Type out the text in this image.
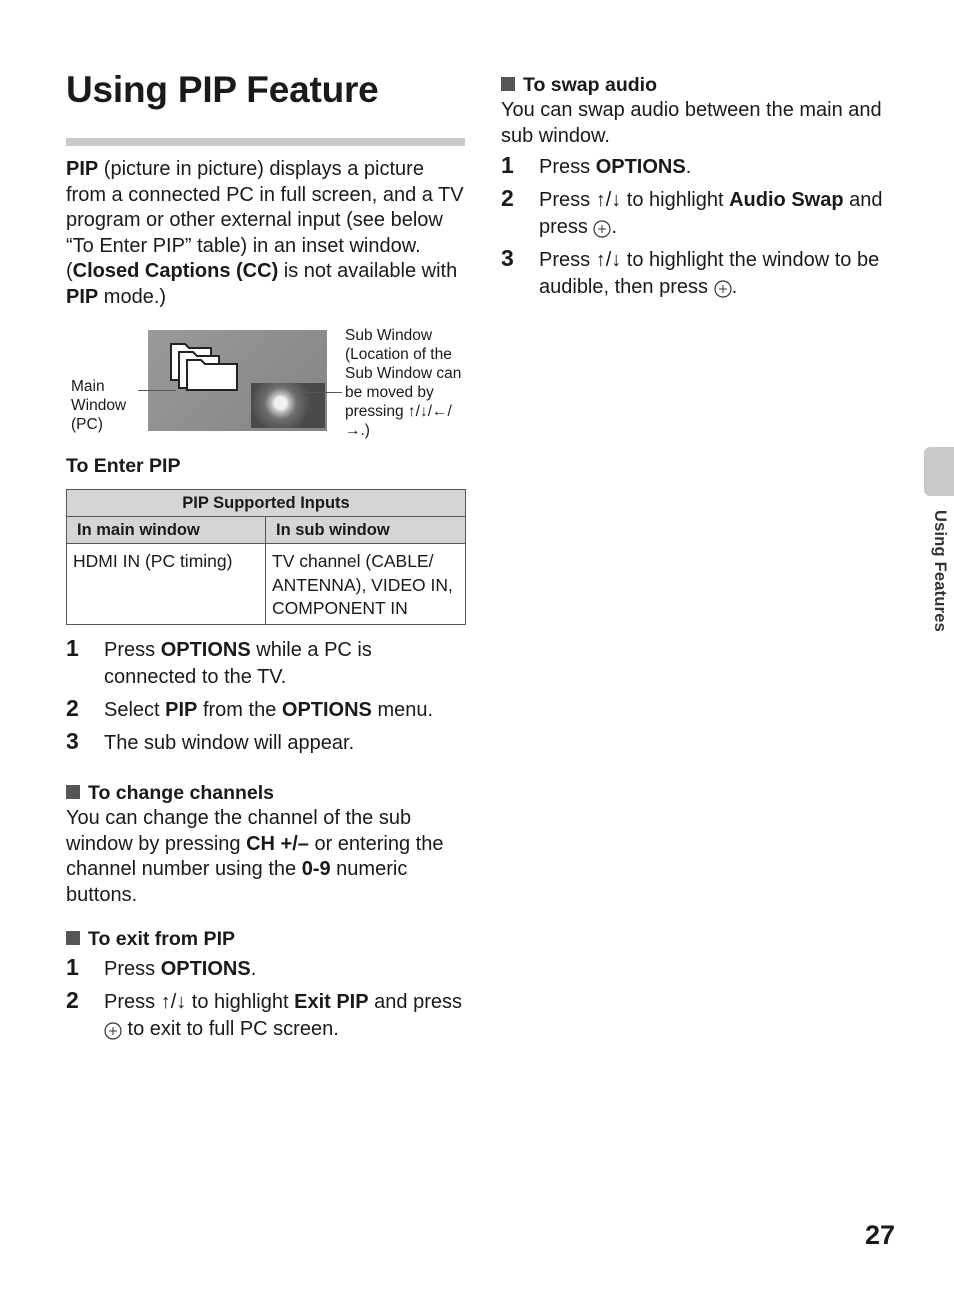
Using PIP Feature

PIP (picture in picture) displays a picture from a connected PC in full screen, and a TV program or other external input (see below “To Enter PIP” table) in an inset window. (Closed Captions (CC) is not available with PIP mode.)

Main Window (PC)
Sub Window (Location of the Sub Window can be moved by pressing ↑/↓/←/→.)
To Enter PIP
PIP Supported Inputs	
In main window	In sub window
HDMI IN (PC timing)	TV channel (CABLE/ ANTENNA), VIDEO IN, COMPONENT IN
1 Press OPTIONS while a PC is connected to the TV.
2 Select PIP from the OPTIONS menu.
3 The sub window will appear.
To change channels

You can change the channel of the sub window by pressing CH +/– or entering the channel number using the 0-9 numeric buttons.

To exit from PIP
1 Press OPTIONS.
2 Press ↑/↓ to highlight Exit PIP and press  to exit to full PC screen.
To swap audio

You can swap audio between the main and sub window.

1 Press OPTIONS.
2 Press ↑/↓ to highlight Audio Swap and press .
3 Press ↑/↓ to highlight the window to be audible, then press .
Using Features
27
